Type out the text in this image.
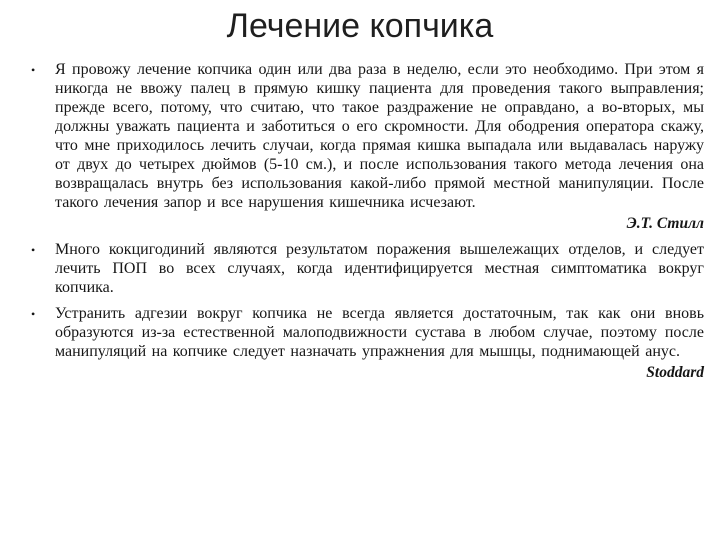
Лечение копчика
• Я провожу лечение копчика один или два раза в неделю, если это необходимо. При этом я никогда не ввожу палец в прямую кишку пациента для проведения такого выправления; прежде всего, потому, что считаю, что такое раздражение не оправдано, а во-вторых, мы должны уважать пациента и заботиться о его скромности. Для ободрения оператора скажу, что мне приходилось лечить случаи, когда прямая кишка выпадала или выдавалась наружу от двух до четырех дюймов (5-10 см.), и после использования такого метода лечения она возвращалась внутрь без использования какой-либо прямой местной манипуляции. После такого лечения запор и все нарушения кишечника исчезают.

Э.Т. Стилл

• Много кокцигодиний являются результатом поражения вышележащих отделов, и следует лечить ПОП во всех случаях, когда идентифицируется местная симптоматика вокруг копчика.

• Устранить адгезии вокруг копчика не всегда является достаточным, так как они вновь образуются из-за естественной малоподвижности сустава в любом случае, поэтому после манипуляций на копчике следует назначать упражнения для мышцы, поднимающей анус.

Stoddard
